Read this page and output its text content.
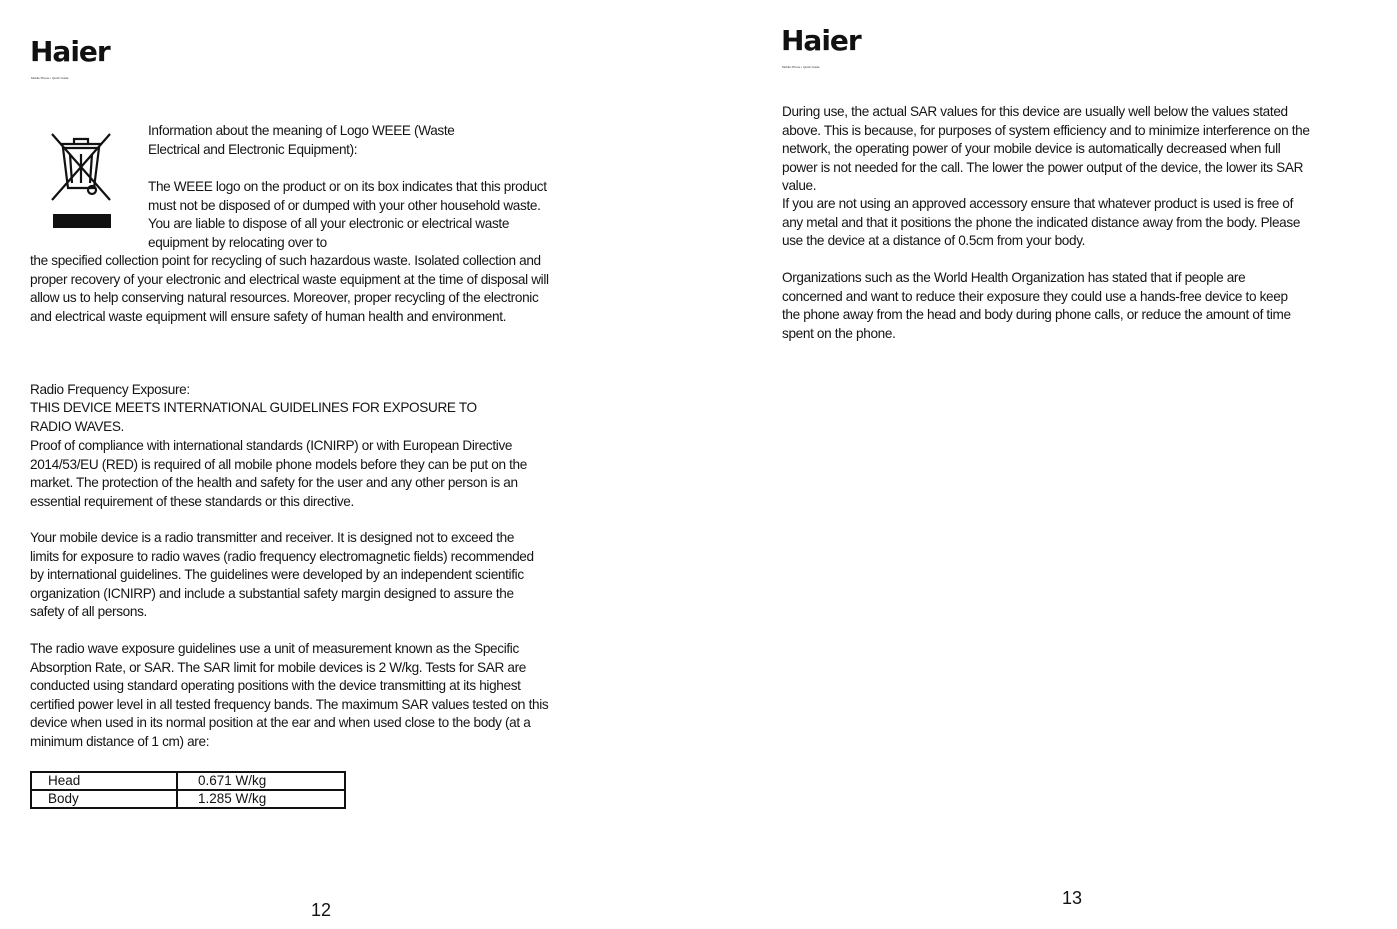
Haier
Mobile Phone • Quick Guide
Information about the meaning of Logo WEEE (Waste Electrical and Electronic Equipment):
The WEEE logo on the product or on its box indicates that this product must not be disposed of or dumped with your other household waste. You are liable to dispose of all your electronic or electrical waste equipment by relocating over to
the specified collection point for recycling of such hazardous waste. Isolated collection and proper recovery of your electronic and electrical waste equipment at the time of disposal will allow us to help conserving natural resources. Moreover, proper recycling of the electronic and electrical waste equipment will ensure safety of human health and environment.
Radio Frequency Exposure:
THIS DEVICE MEETS INTERNATIONAL GUIDELINES FOR EXPOSURE TO RADIO WAVES.
Proof of compliance with international standards (ICNIRP) or with European Directive 2014/53/EU (RED) is required of all mobile phone models before they can be put on the market. The protection of the health and safety for the user and any other person is an essential requirement of these standards or this directive.
Your mobile device is a radio transmitter and receiver. It is designed not to exceed the limits for exposure to radio waves (radio frequency electromagnetic fields) recommended by international guidelines. The guidelines were developed by an independent scientific organization (ICNIRP) and include a substantial safety margin designed to assure the safety of all persons.
The radio wave exposure guidelines use a unit of measurement known as the Specific Absorption Rate, or SAR. The SAR limit for mobile devices is 2 W/kg. Tests for SAR are conducted using standard operating positions with the device transmitting at its highest certified power level in all tested frequency bands. The maximum SAR values tested on this device when used in its normal position at the ear and when used close to the body (at a minimum distance of 1 cm) are:
Head	0.671 W/kg
Body	1.285 W/kg
12
Haier
Mobile Phone • Quick Guide
During use, the actual SAR values for this device are usually well below the values stated above. This is because, for purposes of system efficiency and to minimize interference on the network, the operating power of your mobile device is automatically decreased when full power is not needed for the call. The lower the power output of the device, the lower its SAR value.
If you are not using an approved accessory ensure that whatever product is used is free of any metal and that it positions the phone the indicated distance away from the body. Please use the device at a distance of 0.5cm from your body.
Organizations such as the World Health Organization has stated that if people are concerned and want to reduce their exposure they could use a hands-free device to keep the phone away from the head and body during phone calls, or reduce the amount of time spent on the phone.
13
